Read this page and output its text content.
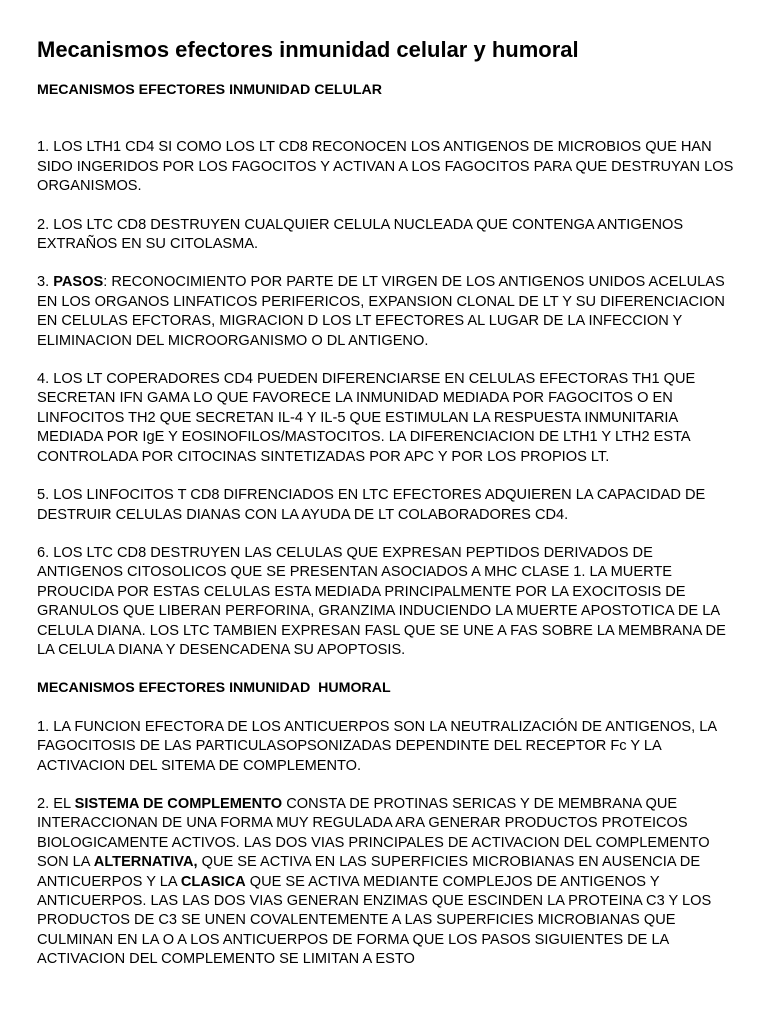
Mecanismos efectores inmunidad celular y humoral
MECANISMOS EFECTORES INMUNIDAD CELULAR

1. LOS LTH1 CD4 SI COMO LOS LT CD8 RECONOCEN LOS ANTIGENOS DE MICROBIOS QUE HAN SIDO INGERIDOS POR LOS FAGOCITOS Y ACTIVAN A LOS FAGOCITOS PARA QUE DESTRUYAN LOS ORGANISMOS.

2. LOS LTC CD8 DESTRUYEN CUALQUIER CELULA NUCLEADA QUE CONTENGA ANTIGENOS EXTRAÑOS EN SU CITOLASMA.

3. PASOS: RECONOCIMIENTO POR PARTE DE LT VIRGEN DE LOS ANTIGENOS UNIDOS ACELULAS EN LOS ORGANOS LINFATICOS PERIFERICOS, EXPANSION CLONAL DE LT Y SU DIFERENCIACION EN CELULAS EFCTORAS, MIGRACION D LOS LT EFECTORES AL LUGAR DE LA INFECCION Y ELIMINACION DEL MICROORGANISMO O DL ANTIGENO.

4. LOS LT COPERADORES CD4 PUEDEN DIFERENCIARSE EN CELULAS EFECTORAS TH1 QUE SECRETAN IFN GAMA LO QUE FAVORECE LA INMUNIDAD MEDIADA POR FAGOCITOS O EN LINFOCITOS TH2 QUE SECRETAN IL-4 Y IL-5 QUE ESTIMULAN LA RESPUESTA INMUNITARIA MEDIADA POR IgE Y EOSINOFILOS/MASTOCITOS. LA DIFERENCIACION DE LTH1 Y LTH2 ESTA CONTROLADA POR CITOCINAS SINTETIZADAS POR APC Y POR LOS PROPIOS LT.

5. LOS LINFOCITOS T CD8 DIFRENCIADOS EN LTC EFECTORES ADQUIEREN LA CAPACIDAD DE DESTRUIR CELULAS DIANAS CON LA AYUDA DE LT COLABORADORES CD4.

6. LOS LTC CD8 DESTRUYEN LAS CELULAS QUE EXPRESAN PEPTIDOS DERIVADOS DE ANTIGENOS CITOSOLICOS QUE SE PRESENTAN ASOCIADOS A MHC CLASE 1. LA MUERTE PROUCIDA POR ESTAS CELULAS ESTA MEDIADA PRINCIPALMENTE POR LA EXOCITOSIS DE GRANULOS QUE LIBERAN PERFORINA, GRANZIMA INDUCIENDO LA MUERTE APOSTOTICA DE LA CELULA DIANA. LOS LTC TAMBIEN EXPRESAN FASL QUE SE UNE A FAS SOBRE LA MEMBRANA DE LA CELULA DIANA Y DESENCADENA SU APOPTOSIS.

MECANISMOS EFECTORES INMUNIDAD  HUMORAL

1. LA FUNCION EFECTORA DE LOS ANTICUERPOS SON LA NEUTRALIZACIÓN DE ANTIGENOS, LA FAGOCITOSIS DE LAS PARTICULASOPSONIZADAS DEPENDINTE DEL RECEPTOR Fc Y LA ACTIVACION DEL SITEMA DE COMPLEMENTO.

2. EL SISTEMA DE COMPLEMENTO CONSTA DE PROTINAS SERICAS Y DE MEMBRANA QUE INTERACCIONAN DE UNA FORMA MUY REGULADA ARA GENERAR PRODUCTOS PROTEICOS BIOLOGICAMENTE ACTIVOS. LAS DOS VIAS PRINCIPALES DE ACTIVACION DEL COMPLEMENTO SON LA ALTERNATIVA, QUE SE ACTIVA EN LAS SUPERFICIES MICROBIANAS EN AUSENCIA DE ANTICUERPOS Y LA CLASICA QUE SE ACTIVA MEDIANTE COMPLEJOS DE ANTIGENOS Y ANTICUERPOS. LAS LAS DOS VIAS GENERAN ENZIMAS QUE ESCINDEN LA PROTEINA C3 Y LOS PRODUCTOS DE C3 SE UNEN COVALENTEMENTE A LAS SUPERFICIES MICROBIANAS QUE CULMINAN EN LA O A LOS ANTICUERPOS DE FORMA QUE LOS PASOS SIGUIENTES DE LA ACTIVACION DEL COMPLEMENTO SE LIMITAN A ESTO
